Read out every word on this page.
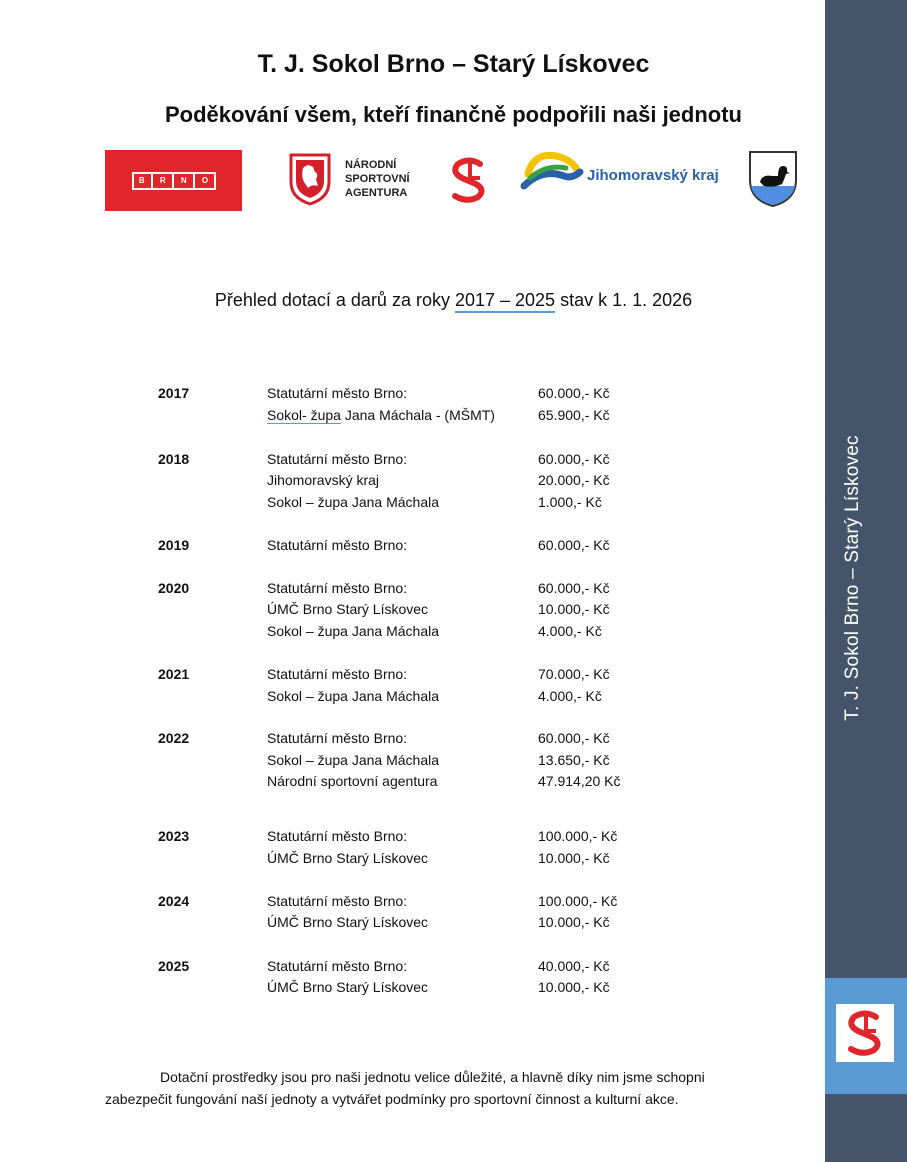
T. J. Sokol Brno – Starý Lískovec
Poděkování všem, kteří finančně podpořili naši jednotu
B R N O
NÁRODNÍ
SPORTOVNÍ
AGENTURA
Jihomoravský kraj
Přehled dotací a darů za roky 2017 – 2025 stav k 1. 1. 2026
2017	Statutární město Brno:	60.000,- Kč
Sokol- župa Jana Máchala - (MŠMT)	65.900,- Kč
2018	Statutární město Brno:	60.000,- Kč
Jihomoravský kraj	20.000,- Kč
Sokol – župa Jana Máchala	1.000,- Kč
2019	Statutární město Brno:	60.000,- Kč
2020	Statutární město Brno:	60.000,- Kč
ÚMČ Brno Starý Lískovec	10.000,- Kč
Sokol – župa Jana Máchala	4.000,- Kč
2021	Statutární město Brno:	70.000,- Kč
Sokol – župa Jana Máchala	4.000,- Kč
2022	Statutární město Brno:	60.000,- Kč
Sokol – župa Jana Máchala	13.650,- Kč
Národní sportovní agentura	47.914,20 Kč
2023	Statutární město Brno:	100.000,- Kč
ÚMČ Brno Starý Lískovec	10.000,- Kč
2024	Statutární město Brno:	100.000,- Kč
ÚMČ Brno Starý Lískovec	10.000,- Kč
2025	Statutární město Brno:	40.000,- Kč
ÚMČ Brno Starý Lískovec	10.000,- Kč
Dotační prostředky jsou pro naši jednotu velice důležité, a hlavně díky nim jsme schopni zabezpečit fungování naší jednoty a vytvářet podmínky pro sportovní činnost a kulturní akce.
T. J. Sokol Brno – Starý Lískovec
